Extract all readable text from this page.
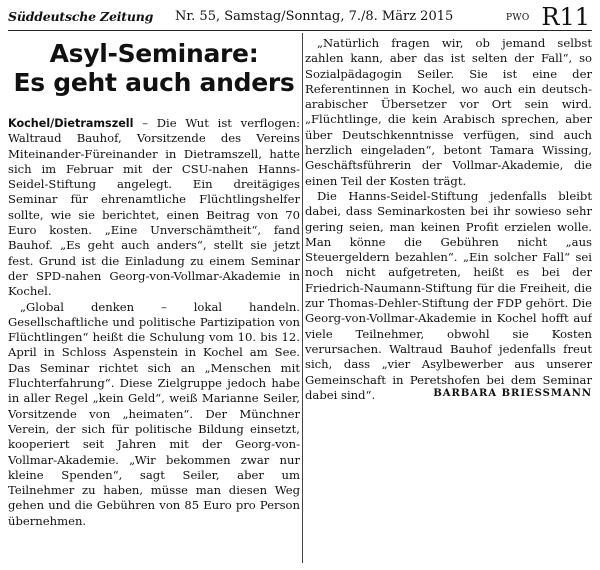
Süddeutsche Zeitung Nr. 55, Samstag/Sonntag, 7./8. März 2015	PWO R11
Asyl-Seminare:
Es geht auch anders

Kochel/Dietramszell – Die Wut ist verflogen: Waltraud Bauhof, Vorsitzende des Vereins Miteinander-Füreinander in Dietramszell, hatte sich im Februar mit der CSU-nahen Hanns-Seidel-Stiftung angelegt. Ein dreitägiges Seminar für ehrenamtliche Flüchtlingshelfer sollte, wie sie berichtet, einen Beitrag von 70 Euro kosten. „Eine Unverschämtheit“, fand Bauhof. „Es geht auch anders“, stellt sie jetzt fest. Grund ist die Einladung zu einem Seminar der SPD-nahen Georg-von-Vollmar-Akademie in Kochel.

„Global denken – lokal handeln. Gesellschaftliche und politische Partizipation von Flüchtlingen“ heißt die Schulung vom 10. bis 12. April in Schloss Aspenstein in Kochel am See. Das Seminar richtet sich an „Menschen mit Fluchterfahrung“. Diese Zielgruppe jedoch habe in aller Regel „kein Geld“, weiß Marianne Seiler, Vorsitzende von „heimaten“. Der Münchner Verein, der sich für politische Bildung einsetzt, kooperiert seit Jahren mit der Georg-von-Vollmar-Akademie. „Wir bekommen zwar nur kleine Spenden“, sagt Seiler, aber um Teilnehmer zu haben, müsse man diesen Weg gehen und die Gebühren von 85 Euro pro Person übernehmen.

„Natürlich fragen wir, ob jemand selbst zahlen kann, aber das ist selten der Fall“, so Sozialpädagogin Seiler. Sie ist eine der Referentinnen in Kochel, wo auch ein deutsch-arabischer Übersetzer vor Ort sein wird. „Flüchtlinge, die kein Arabisch sprechen, aber über Deutschkenntnisse verfügen, sind auch herzlich eingeladen“, betont Tamara Wissing, Geschäftsführerin der Vollmar-Akademie, die einen Teil der Kosten trägt.

Die Hanns-Seidel-Stiftung jedenfalls bleibt dabei, dass Seminarkosten bei ihr sowieso sehr gering seien, man keinen Profit erzielen wolle. Man könne die Gebühren nicht „aus Steuergeldern bezahlen“. „Ein solcher Fall“ sei noch nicht aufgetreten, heißt es bei der Friedrich-Naumann-Stiftung für die Freiheit, die zur Thomas-Dehler-Stiftung der FDP gehört. Die Georg-von-Vollmar-Akademie in Kochel hofft auf viele Teilnehmer, obwohl sie Kosten verursachen. Waltraud Bauhof jedenfalls freut sich, dass „vier Asylbewerber aus unserer Gemeinschaft in Peretshofen bei dem Seminar dabei sind“.	BARBARA BRIESSMANN
